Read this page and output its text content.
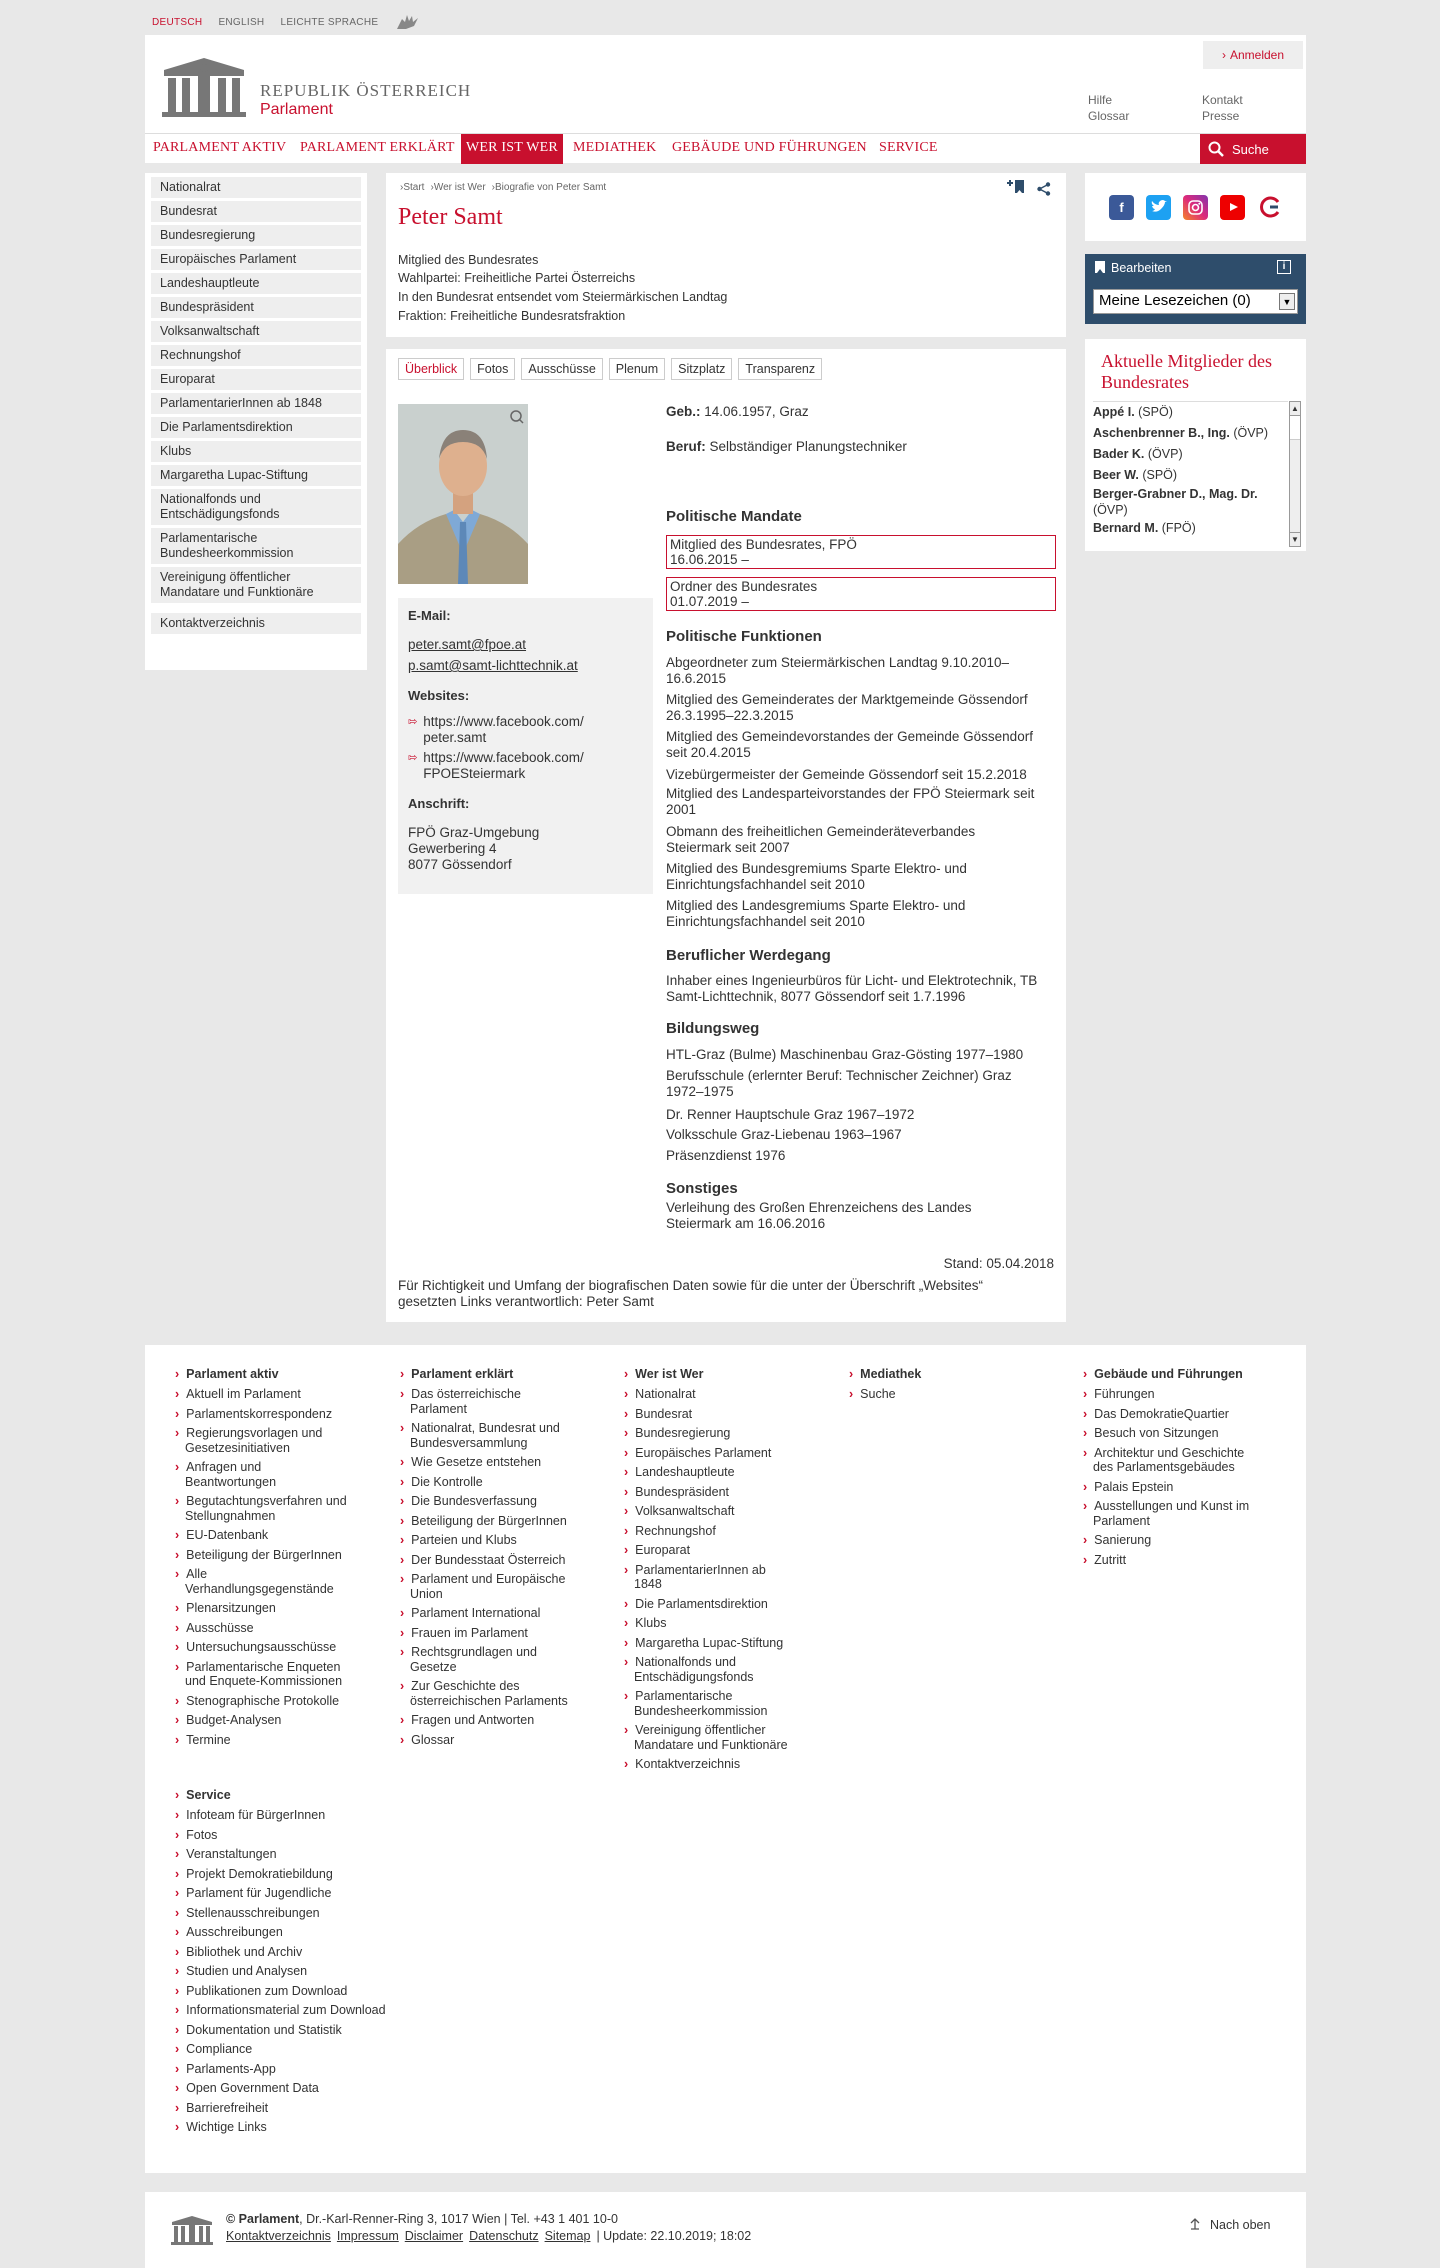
DEUTSCH ENGLISH LEICHTE SPRACHE
REPUBLIK ÖSTERREICH
Parlament
› Anmelden
Hilfe
Glossar
Kontakt
Presse
PARLAMENT AKTIV PARLAMENT ERKLÄRT WER IST WER	MEDIATHEK GEBÄUDE UND FÜHRUNGEN SERVICE	Suche
Nationalrat
Bundesrat
Bundesregierung
Europäisches Parlament
Landeshauptleute
Bundespräsident
Volksanwaltschaft
Rechnungshof
Europarat
ParlamentarierInnen ab 1848
Die Parlamentsdirektion
Klubs
Margaretha Lupac-Stiftung
Nationalfonds und Entschädigungsfonds
Parlamentarische Bundesheerkommission
Vereinigung öffentlicher Mandatare und Funktionäre
Kontaktverzeichnis
› Start › Wer ist Wer › Biografie von Peter Samt
Peter Samt
Mitglied des Bundesrates
Wahlpartei: Freiheitliche Partei Österreichs
In den Bundesrat entsendet vom Steiermärkischen Landtag
Fraktion: Freiheitliche Bundesratsfraktion
Überblick	Fotos	Ausschüsse	Plenum	Sitzplatz	Transparenz
E-Mail:
peter.samt@fpoe.at
p.samt@samt-lichttechnik.at
Websites:
⇰ https://www.facebook.com/
peter.samt
⇰ https://www.facebook.com/
FPOESteiermark
Anschrift:
FPÖ Graz-Umgebung
Gewerbering 4
8077 Gössendorf
Geb.: 14.06.1957, Graz
Beruf: Selbständiger Planungstechniker
Politische Mandate
Mitglied des Bundesrates, FPÖ
16.06.2015 –
Ordner des Bundesrates
01.07.2019 –
Politische Funktionen
Abgeordneter zum Steiermärkischen Landtag 9.10.2010–
16.6.2015
Mitglied des Gemeinderates der Marktgemeinde Gössendorf
26.3.1995–22.3.2015
Mitglied des Gemeindevorstandes der Gemeinde Gössendorf
seit 20.4.2015
Vizebürgermeister der Gemeinde Gössendorf seit 15.2.2018
Mitglied des Landesparteivorstandes der FPÖ Steiermark seit
2001
Obmann des freiheitlichen Gemeinderäteverbandes
Steiermark seit 2007
Mitglied des Bundesgremiums Sparte Elektro- und
Einrichtungsfachhandel seit 2010
Mitglied des Landesgremiums Sparte Elektro- und
Einrichtungsfachhandel seit 2010
Beruflicher Werdegang
Inhaber eines Ingenieurbüros für Licht- und Elektrotechnik, TB
Samt-Lichttechnik, 8077 Gössendorf seit 1.7.1996
Bildungsweg
HTL-Graz (Bulme) Maschinenbau Graz-Gösting 1977–1980
Berufsschule (erlernter Beruf: Technischer Zeichner) Graz
1972–1975
Dr. Renner Hauptschule Graz 1967–1972
Volksschule Graz-Liebenau 1963–1967
Präsenzdienst 1976
Sonstiges
Verleihung des Großen Ehrenzeichens des Landes
Steiermark am 16.06.2016
Stand: 05.04.2018
Für Richtigkeit und Umfang der biografischen Daten sowie für die unter der Überschrift „Websites“
gesetzten Links verantwortlich: Peter Samt
f
Bearbeiten	i
Meine Lesezeichen (0)	▼
Aktuelle Mitglieder des Bundesrates
Appé I. (SPÖ)
Aschenbrenner B., Ing. (ÖVP)
Bader K. (ÖVP)
Beer W. (SPÖ)
Berger-Grabner D., Mag. Dr.
(ÖVP)
Bernard M. (FPÖ)
▲
▼
› Parlament aktiv
› Aktuell im Parlament
› Parlamentskorrespondenz
› Regierungsvorlagen und
Gesetzesinitiativen
› Anfragen und
Beantwortungen
› Begutachtungsverfahren und
Stellungnahmen
› EU-Datenbank
› Beteiligung der BürgerInnen
› Alle
Verhandlungsgegenstände
› Plenarsitzungen
› Ausschüsse
› Untersuchungsausschüsse
› Parlamentarische Enqueten
und Enquete-Kommissionen
› Stenographische Protokolle
› Budget-Analysen
› Termine
› Parlament erklärt
› Das österreichische
Parlament
› Nationalrat, Bundesrat und
Bundesversammlung
› Wie Gesetze entstehen
› Die Kontrolle
› Die Bundesverfassung
› Beteiligung der BürgerInnen
› Parteien und Klubs
› Der Bundesstaat Österreich
› Parlament und Europäische
Union
› Parlament International
› Frauen im Parlament
› Rechtsgrundlagen und
Gesetze
› Zur Geschichte des
österreichischen Parlaments
› Fragen und Antworten
› Glossar
› Wer ist Wer
› Nationalrat
› Bundesrat
› Bundesregierung
› Europäisches Parlament
› Landeshauptleute
› Bundespräsident
› Volksanwaltschaft
› Rechnungshof
› Europarat
› ParlamentarierInnen ab
1848
› Die Parlamentsdirektion
› Klubs
› Margaretha Lupac-Stiftung
› Nationalfonds und
Entschädigungsfonds
› Parlamentarische
Bundesheerkommission
› Vereinigung öffentlicher
Mandatare und Funktionäre
› Kontaktverzeichnis
› Mediathek
› Suche
› Gebäude und Führungen
› Führungen
› Das DemokratieQuartier
› Besuch von Sitzungen
› Architektur und Geschichte
des Parlamentsgebäudes
› Palais Epstein
› Ausstellungen und Kunst im
Parlament
› Sanierung
› Zutritt
› Service
› Infoteam für BürgerInnen
› Fotos
› Veranstaltungen
› Projekt Demokratiebildung
› Parlament für Jugendliche
› Stellenausschreibungen
› Ausschreibungen
› Bibliothek und Archiv
› Studien und Analysen
› Publikationen zum Download
› Informationsmaterial zum Download
› Dokumentation und Statistik
› Compliance
› Parlaments-App
› Open Government Data
› Barrierefreiheit
› Wichtige Links
© Parlament, Dr.-Karl-Renner-Ring 3, 1017 Wien | Tel. +43 1 401 10-0
Kontaktverzeichnis Impressum Disclaimer Datenschutz Sitemap | Update: 22.10.2019; 18:02
Nach oben
